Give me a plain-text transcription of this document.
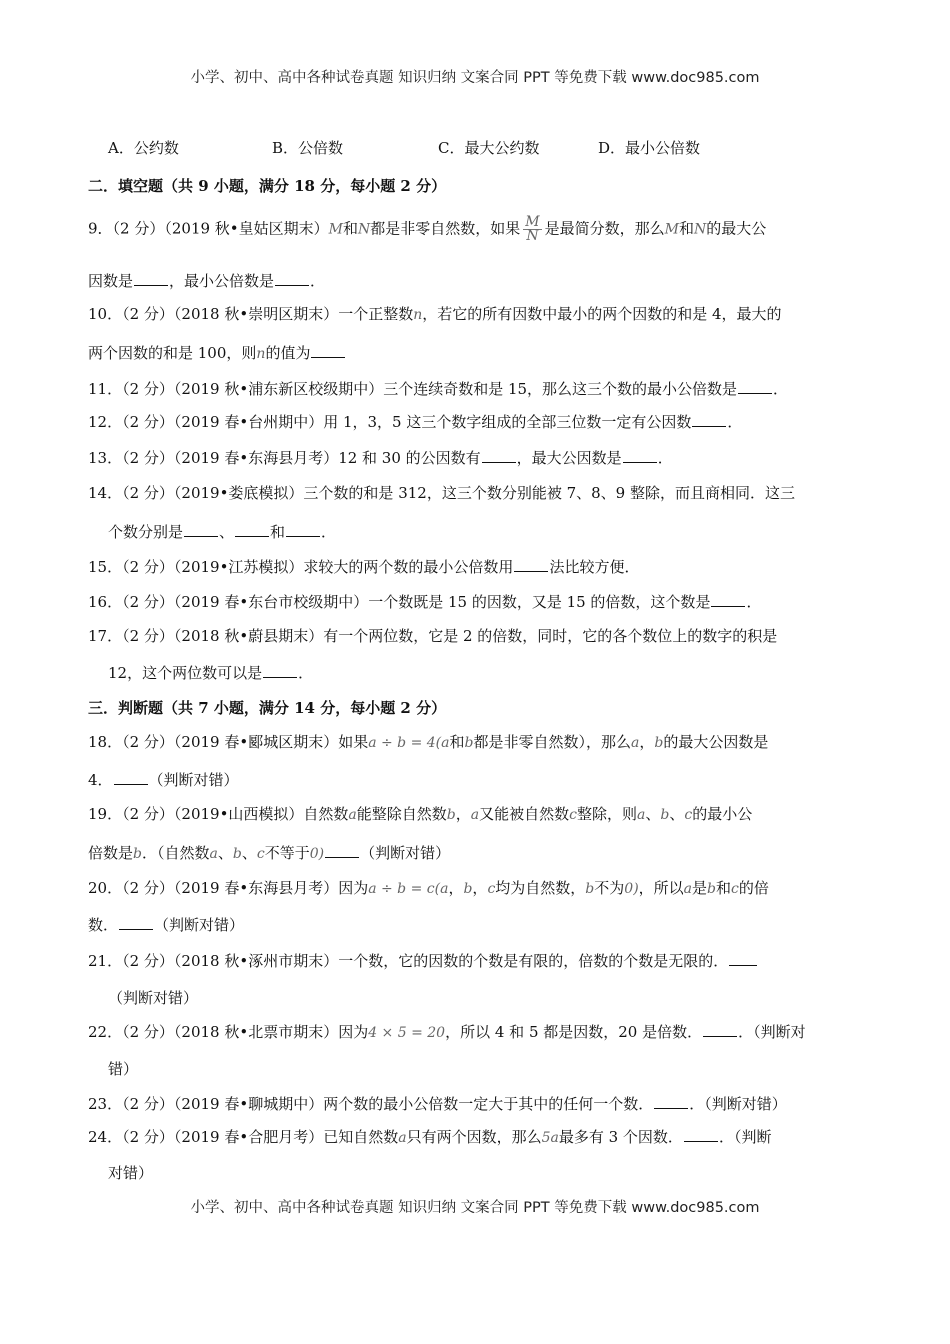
小学、初中、高中各种试卷真题 知识归纳 文案合同 PPT 等免费下载 www.doc985.com
A．公约数	B．公倍数	C．最大公约数	D．最小公倍数
二．填空题（共 9 小题，满分 18 分，每小题 2 分）
9．（2 分）（2019 秋•皇姑区期末）M和N都是非零自然数，如果 $\frac{M}{N}$ 是最简分数，那么M和N的最大公
因数是 ，最小公倍数是 ．
10．（2 分）（2018 秋•崇明区期末）一个正整数n，若它的所有因数中最小的两个因数的和是 4，最大的
两个因数的和是 100，则n的值为
11．（2 分）（2019 秋•浦东新区校级期中）三个连续奇数和是 15，那么这三个数的最小公倍数是 ．
12．（2 分）（2019 春•台州期中）用 1，3，5 这三个数字组成的全部三位数一定有公因数 ．
13．（2 分）（2019 春•东海县月考）12 和 30 的公因数有 ，最大公因数是 ．
14．（2 分）（2019•娄底模拟）三个数的和是 312，这三个数分别能被 7、8、9 整除，而且商相同．这三
个数分别是 、 和 ．
15．（2 分）（2019•江苏模拟）求较大的两个数的最小公倍数用 法比较方便．
16．（2 分）（2019 春•东台市校级期中）一个数既是 15 的因数，又是 15 的倍数，这个数是 ．
17．（2 分）（2018 秋•蔚县期末）有一个两位数，它是 2 的倍数，同时，它的各个数位上的数字的积是
12，这个两位数可以是 ．
三．判断题（共 7 小题，满分 14 分，每小题 2 分）
18．（2 分）（2019 春•郾城区期末）如果a ÷ b = 4(a和b都是非零自然数），那么a，b的最大公因数是
4． （判断对错）
19．（2 分）（2019•山西模拟）自然数a能整除自然数b，a又能被自然数c整除，则a、b、c的最小公
倍数是b．（自然数a、b、c不等于0) （判断对错）
20．（2 分）（2019 春•东海县月考）因为a ÷ b = c(a，b，c均为自然数，b不为0)，所以a是b和c的倍
数． （判断对错）
21．（2 分）（2018 秋•涿州市期末）一个数，它的因数的个数是有限的，倍数的个数是无限的．
（判断对错）
22．（2 分）（2018 秋•北票市期末）因为4 × 5 = 20，所以 4 和 5 都是因数，20 是倍数． ．（判断对
错）
23．（2 分）（2019 春•聊城期中）两个数的最小公倍数一定大于其中的任何一个数． ．（判断对错）
24．（2 分）（2019 春•合肥月考）已知自然数a只有两个因数，那么5a最多有 3 个因数． ．（判断
对错）
小学、初中、高中各种试卷真题 知识归纳 文案合同 PPT 等免费下载 www.doc985.com
